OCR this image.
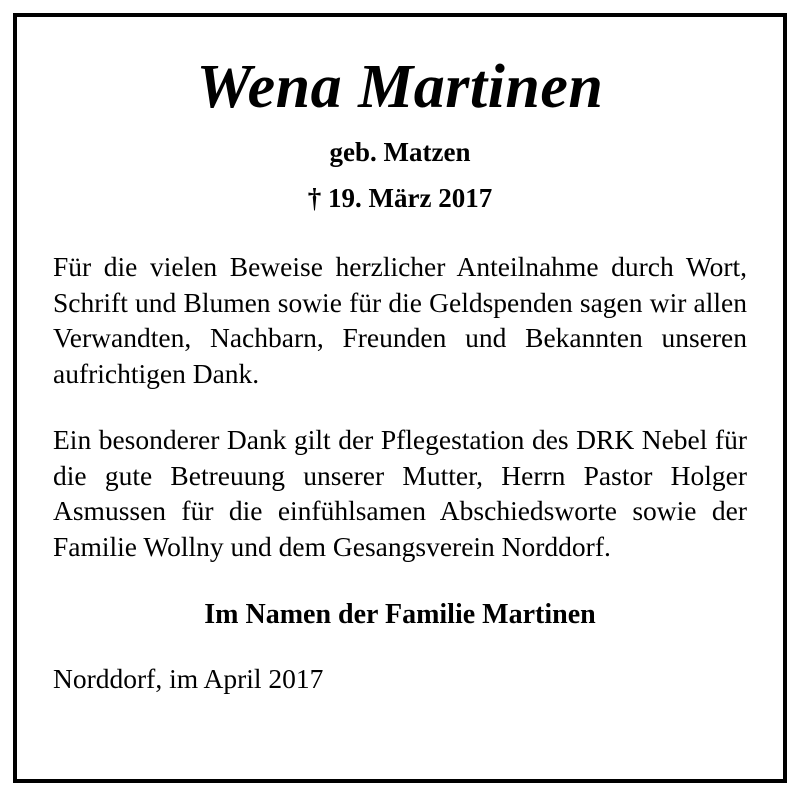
Wena Martinen
geb. Matzen
† 19. März 2017

Für die vielen Beweise herzlicher Anteilnahme durch Wort, Schrift und Blumen sowie für die Geldspenden sagen wir allen Verwandten, Nachbarn, Freunden und Bekannten unseren aufrichtigen Dank.

Ein besonderer Dank gilt der Pflegestation des DRK Nebel für die gute Betreuung unserer Mutter, Herrn Pastor Holger Asmussen für die einfühlsamen Abschiedsworte sowie der Familie Wollny und dem Gesangsverein Norddorf.

Im Namen der Familie Martinen
Norddorf, im April 2017
